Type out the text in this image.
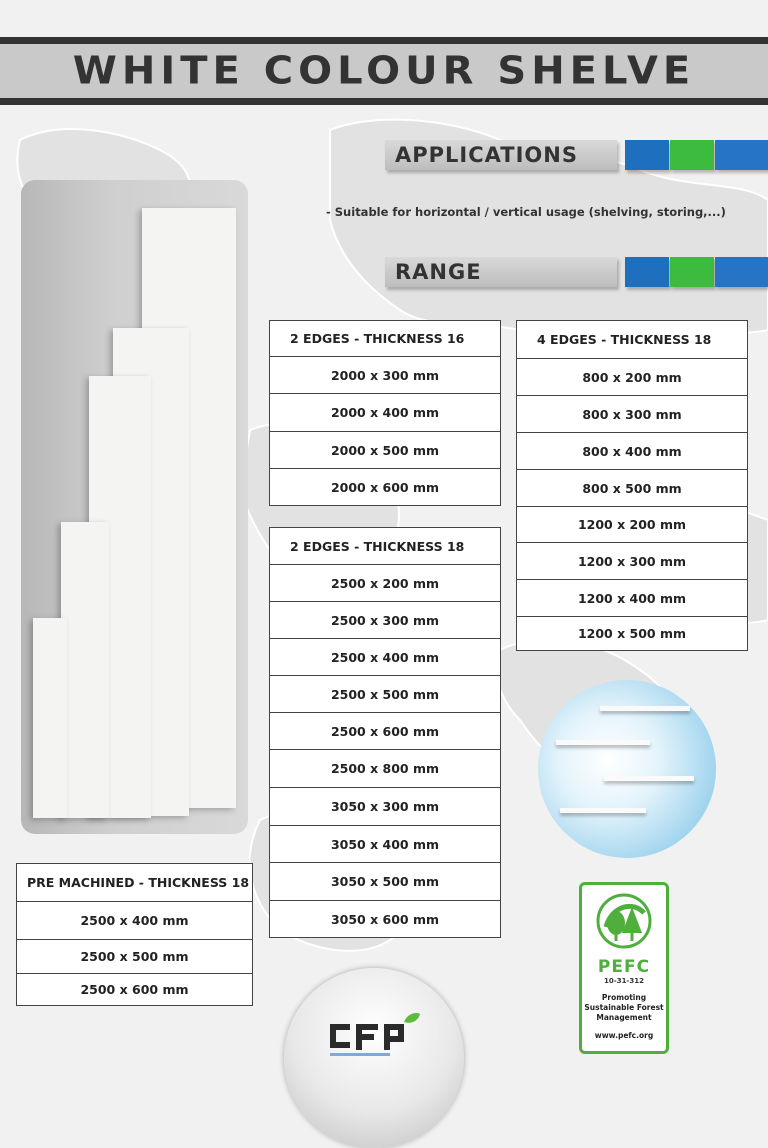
WHITE COLOUR SHELVE
APPLICATIONS
- Suitable for horizontal / vertical usage (shelving, storing,...)
RANGE
2 EDGES - THICKNESS 16
2000 x 300 mm
2000 x 400 mm
2000 x 500 mm
2000 x 600 mm
2 EDGES - THICKNESS 18
2500 x 200 mm
2500 x 300 mm
2500 x 400 mm
2500 x 500 mm
2500 x 600 mm
2500 x 800 mm
3050 x 300 mm
3050 x 400 mm
3050 x 500 mm
3050 x 600 mm
4 EDGES - THICKNESS 18
800 x 200 mm
800 x 300 mm
800 x 400 mm
800 x 500 mm
1200 x 200 mm
1200 x 300 mm
1200 x 400 mm
1200 x 500 mm
PRE MACHINED - THICKNESS 18
2500 x 400 mm
2500 x 500 mm
2500 x 600 mm
PEFC
10-31-312
Promoting
Sustainable Forest
Management
www.pefc.org
